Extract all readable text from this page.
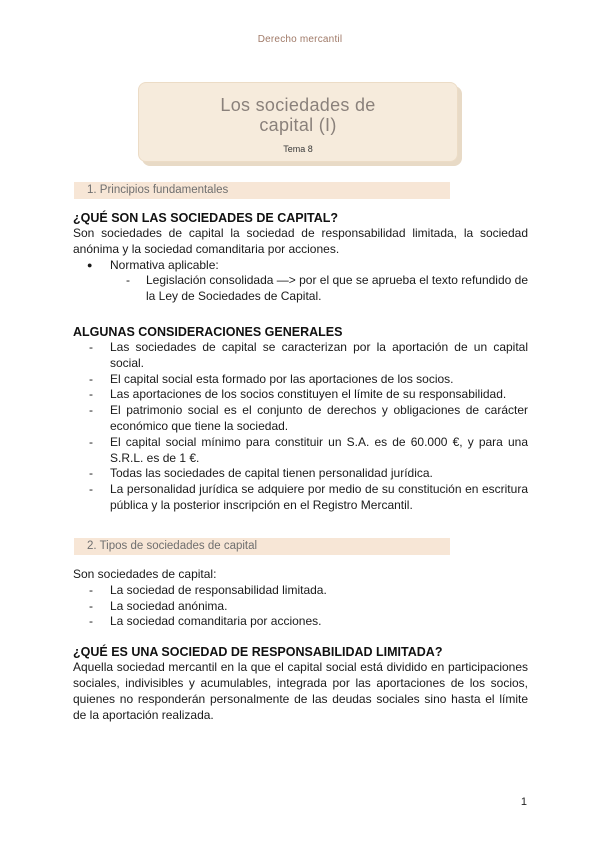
Derecho mercantil
Los sociedades de
capital (I)
Tema 8
1. Principios fundamentales
¿QUÉ SON LAS SOCIEDADES DE CAPITAL?
Son sociedades de capital la sociedad de responsabilidad limitada, la sociedad anónima y la sociedad comanditaria por acciones.
● Normativa aplicable:
- Legislación consolidada —> por el que se aprueba el texto refundido de la Ley de Sociedades de Capital.
ALGUNAS CONSIDERACIONES GENERALES
- Las sociedades de capital se caracterizan por la aportación de un capital social.
- El capital social esta formado por las aportaciones de los socios.
- Las aportaciones de los socios constituyen el límite de su responsabilidad.
- El patrimonio social es el conjunto de derechos y obligaciones de carácter económico que tiene la sociedad.
- El capital social mínimo para constituir un S.A. es de 60.000 €, y para una S.R.L. es de 1 €.
- Todas las sociedades de capital tienen personalidad jurídica.
- La personalidad jurídica se adquiere por medio de su constitución en escritura pública y la posterior inscripción en el Registro Mercantil.
2. Tipos de sociedades de capital
Son sociedades de capital:
- La sociedad de responsabilidad limitada.
- La sociedad anónima.
- La sociedad comanditaria por acciones.
¿QUÉ ES UNA SOCIEDAD DE RESPONSABILIDAD LIMITADA?
Aquella sociedad mercantil en la que el capital social está dividido en participaciones sociales, indivisibles y acumulables, integrada por las aportaciones de los socios, quienes no responderán personalmente de las deudas sociales sino hasta el límite de la aportación realizada.
1
